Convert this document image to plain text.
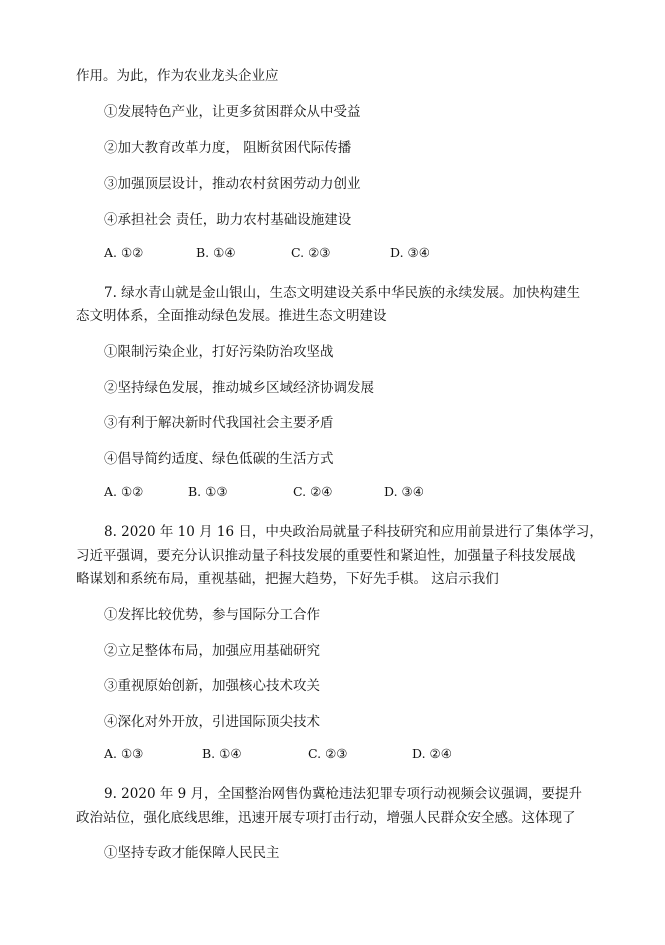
作用。为此，作为农业龙头企业应
①发展特色产业，让更多贫困群众从中受益
②加大教育改革力度， 阻断贫困代际传播
③加强顶层设计，推动农村贫困劳动力创业
④承担社会 责任，助力农村基础设施建设
A. ①②	B. ①④	C. ②③	D. ③④
7. 绿水青山就是金山银山，生态文明建设关系中华民族的永续发展。加快构建生
态文明体系，全面推动绿色发展。推进生态文明建设
①限制污染企业，打好污染防治攻坚战
②坚持绿色发展，推动城乡区域经济协调发展
③有利于解决新时代我国社会主要矛盾
④倡导简约适度、绿色低碳的生活方式
A. ①②	B. ①③	C. ②④	D. ③④
8. 2020 年 10 月 16 日，中央政治局就量子科技研究和应用前景进行了集体学习，
习近平强调，要充分认识推动量子科技发展的重要性和紧迫性，加强量子科技发展战
略谋划和系统布局，重视基础，把握大趋势，下好先手棋。 这启示我们
①发挥比较优势，参与国际分工合作
②立足整体布局，加强应用基础研究
③重视原始创新，加强核心技术攻关
④深化对外开放，引进国际顶尖技术
A. ①③	B. ①④	C. ②③	D. ②④
9. 2020 年 9 月，全国整治网售伪冀枪违法犯罪专项行动视频会议强调，要提升
政治站位，强化底线思维，迅速开展专项打击行动，增强人民群众安全感。这体现了
①坚持专政才能保障人民民主
